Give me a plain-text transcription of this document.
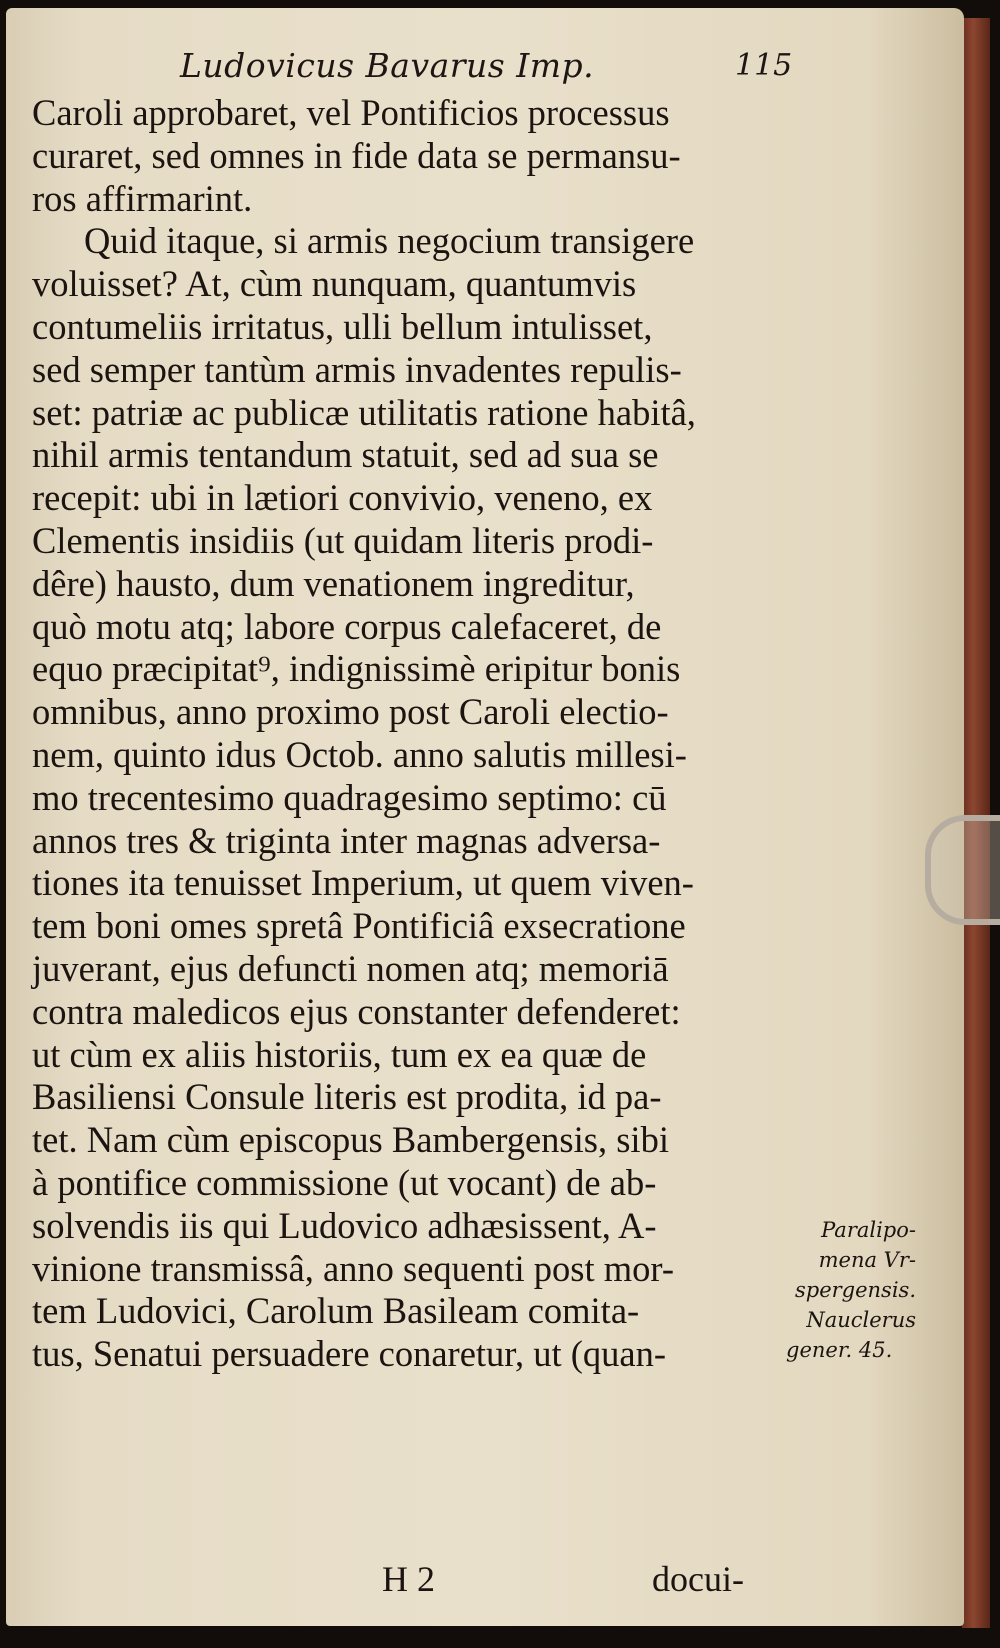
Ludovicus Bavarus Imp.	115
Caroli approbaret, vel Pontificios processus
curaret, sed omnes in fide data se permansu-
ros affirmarint.
Quid itaque, si armis negocium transigere
voluisset? At, cùm nunquam, quantumvis
contumeliis irritatus, ulli bellum intulisset,
sed semper tantùm armis invadentes repulis-
set: patriæ ac publicæ utilitatis ratione habitâ,
nihil armis tentandum statuit, sed ad sua se
recepit: ubi in lætiori convivio, veneno, ex
Clementis insidiis (ut quidam literis prodi-
dêre) hausto, dum venationem ingreditur,
quò motu atq; labore corpus calefaceret, de
equo præcipitat⁹, indignissimè eripitur bonis
omnibus, anno proximo post Caroli electio-
nem, quinto idus Octob. anno salutis millesi-
mo trecentesimo quadragesimo septimo: cū
annos tres & triginta inter magnas adversa-
tiones ita tenuisset Imperium, ut quem viven-
tem boni omes spretâ Pontificiâ exsecratione
juverant, ejus defuncti nomen atq; memoriā
contra maledicos ejus constanter defenderet:
ut cùm ex aliis historiis, tum ex ea quæ de
Basiliensi Consule literis est prodita, id pa-
tet. Nam cùm episcopus Bambergensis, sibi
à pontifice commissione (ut vocant) de ab-
solvendis iis qui Ludovico adhæsissent, A-
vinione transmissâ, anno sequenti post mor-
tem Ludovici, Carolum Basileam comita-
tus, Senatui persuadere conaretur, ut (quan-
Paralipo-
mena Vr-
spergensis.
Nauclerus
gener. 45.
H 2	docui-
